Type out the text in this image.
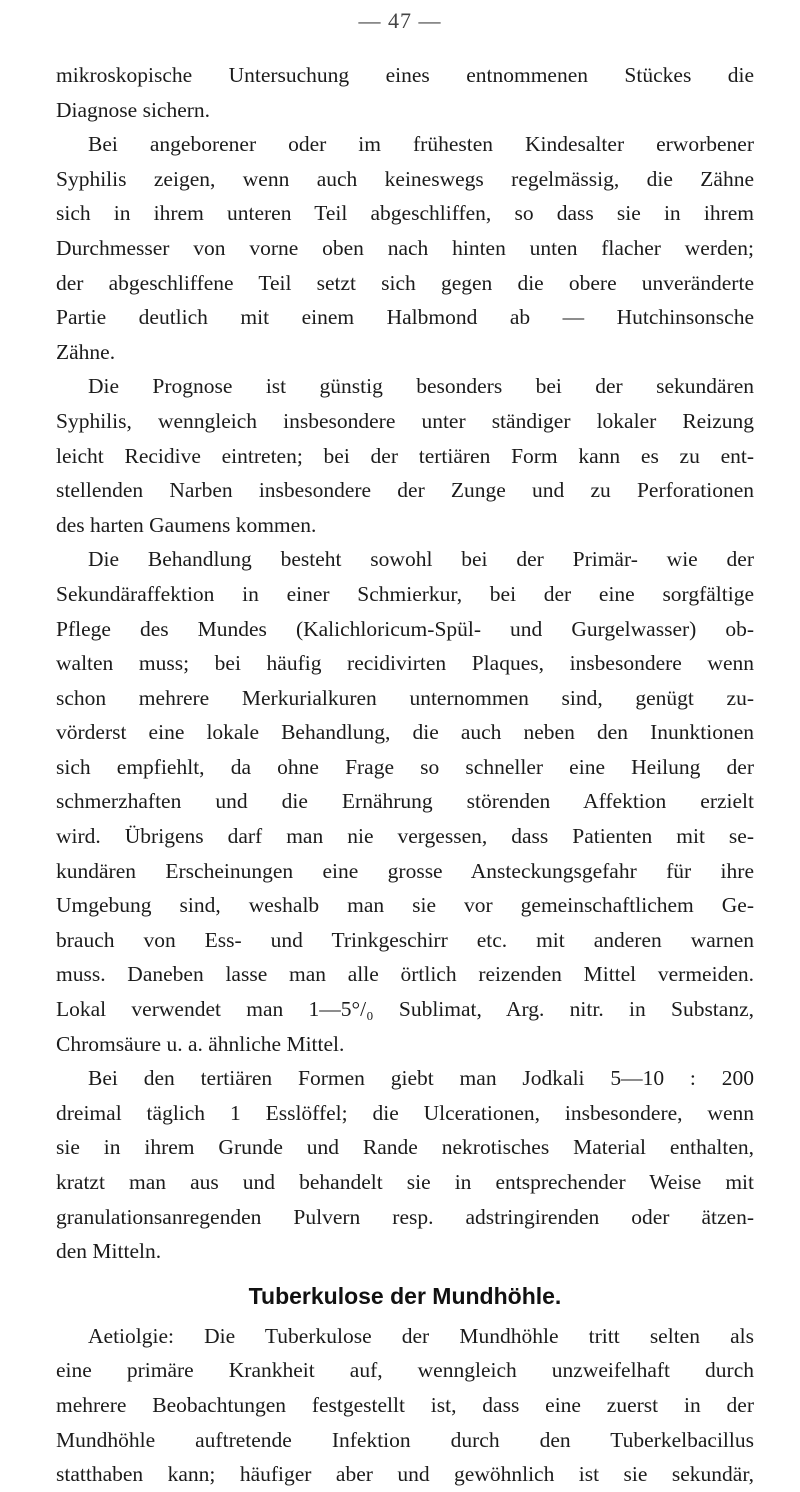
— 47 —
mikroskopische Untersuchung eines entnommenen Stückes die
Diagnose sichern.
Bei angeborener oder im frühesten Kindesalter erworbener
Syphilis zeigen, wenn auch keineswegs regelmässig, die Zähne
sich in ihrem unteren Teil abgeschliffen, so dass sie in ihrem
Durchmesser von vorne oben nach hinten unten flacher werden;
der abgeschliffene Teil setzt sich gegen die obere unveränderte
Partie deutlich mit einem Halbmond ab — Hutchinsonsche
Zähne.
Die Prognose ist günstig besonders bei der sekundären
Syphilis, wenngleich insbesondere unter ständiger lokaler Reizung
leicht Recidive eintreten; bei der tertiären Form kann es zu ent-
stellenden Narben insbesondere der Zunge und zu Perforationen
des harten Gaumens kommen.
Die Behandlung besteht sowohl bei der Primär- wie der
Sekundäraffektion in einer Schmierkur, bei der eine sorgfältige
Pflege des Mundes (Kalichloricum-Spül- und Gurgelwasser) ob-
walten muss; bei häufig recidivirten Plaques, insbesondere wenn
schon mehrere Merkurialkuren unternommen sind, genügt zu-
vörderst eine lokale Behandlung, die auch neben den Inunktionen
sich empfiehlt, da ohne Frage so schneller eine Heilung der
schmerzhaften und die Ernährung störenden Affektion erzielt
wird. Übrigens darf man nie vergessen, dass Patienten mit se-
kundären Erscheinungen eine grosse Ansteckungsgefahr für ihre
Umgebung sind, weshalb man sie vor gemeinschaftlichem Ge-
brauch von Ess- und Trinkgeschirr etc. mit anderen warnen
muss. Daneben lasse man alle örtlich reizenden Mittel vermeiden.
Lokal verwendet man 1—5°/₀ Sublimat, Arg. nitr. in Substanz,
Chromsäure u. a. ähnliche Mittel.
Bei den tertiären Formen giebt man Jodkali 5—10 : 200
dreimal täglich 1 Esslöffel; die Ulcerationen, insbesondere, wenn
sie in ihrem Grunde und Rande nekrotisches Material enthalten,
kratzt man aus und behandelt sie in entsprechender Weise mit
granulationsanregenden Pulvern resp. adstringirenden oder ätzen-
den Mitteln.
Tuberkulose der Mundhöhle.
Aetiolgie: Die Tuberkulose der Mundhöhle tritt selten als
eine primäre Krankheit auf, wenngleich unzweifelhaft durch
mehrere Beobachtungen festgestellt ist, dass eine zuerst in der
Mundhöhle auftretende Infektion durch den Tuberkelbacillus
statthaben kann; häufiger aber und gewöhnlich ist sie sekundär,
